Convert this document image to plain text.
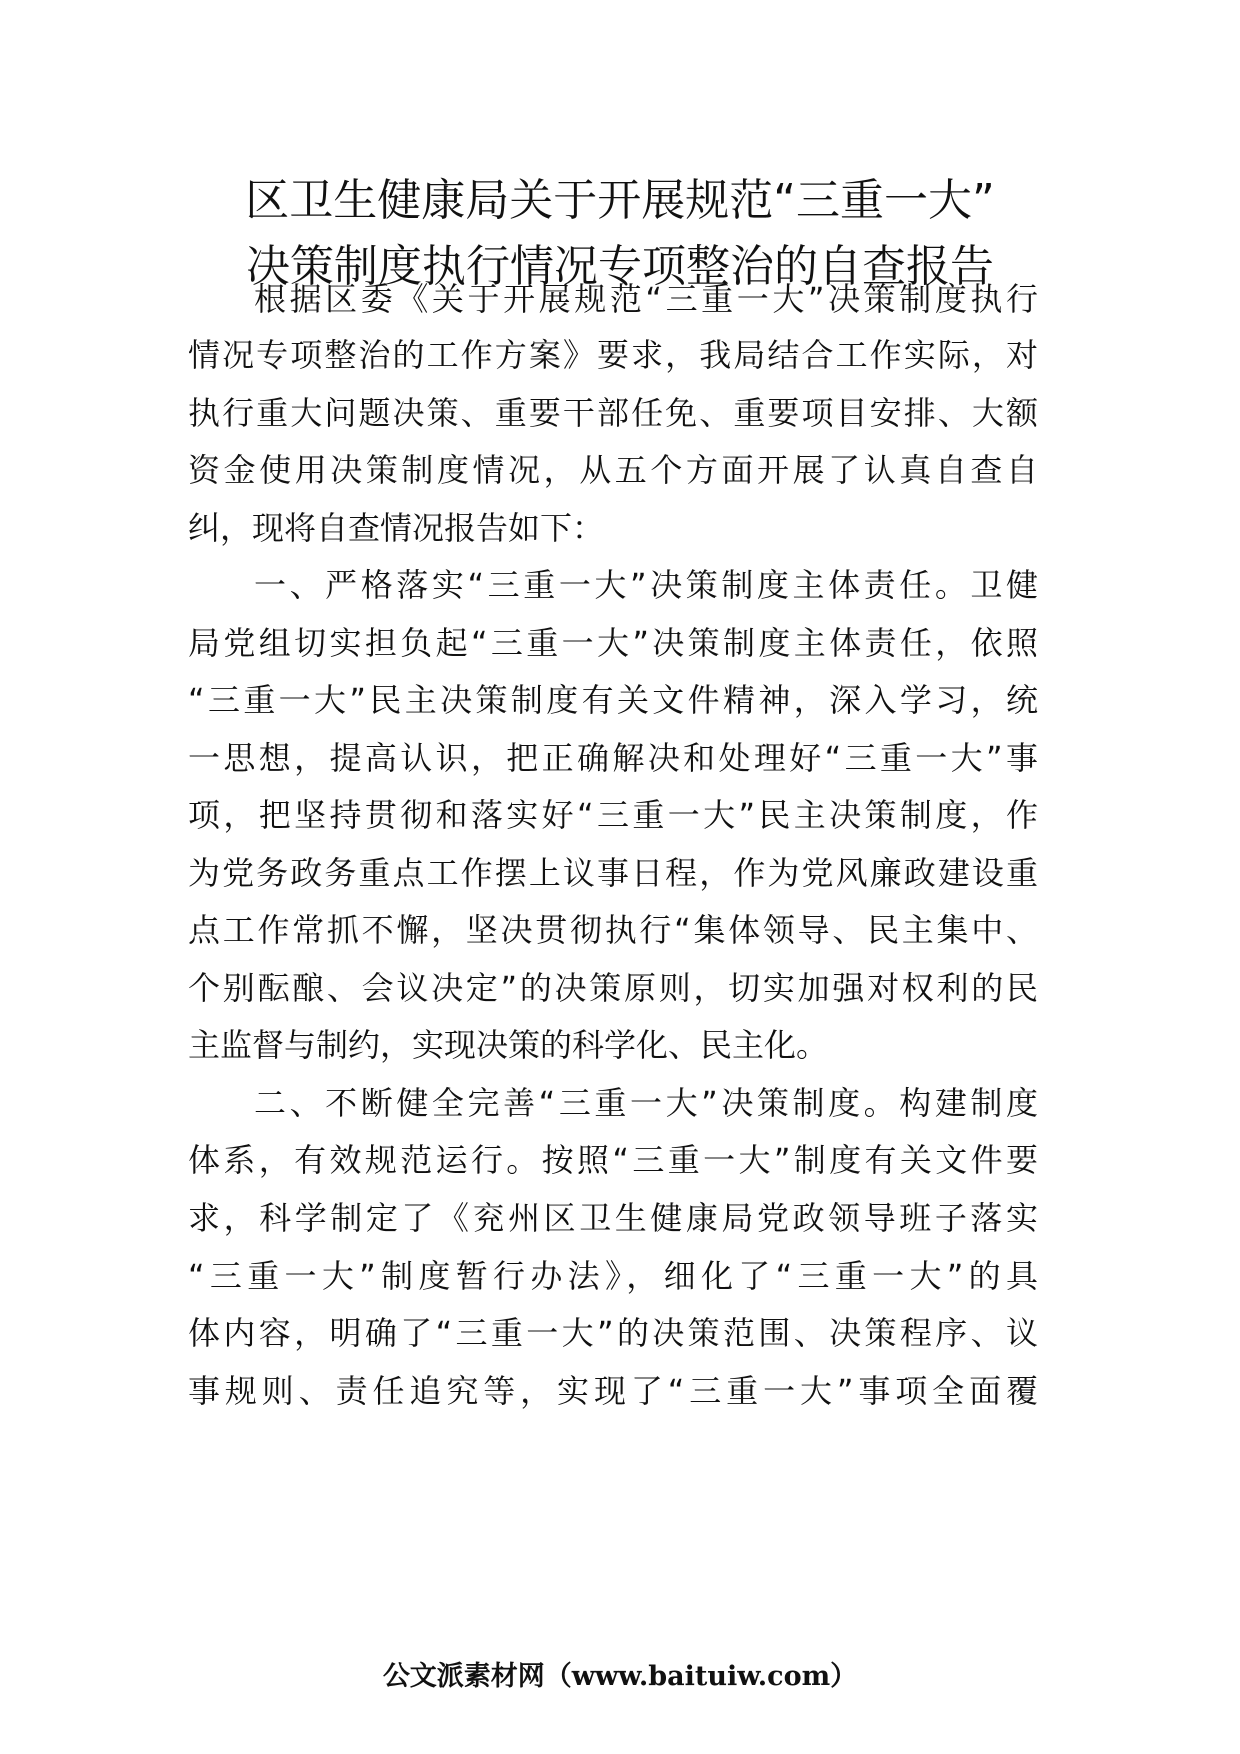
区卫生健康局关于开展规范“三重一大”
决策制度执行情况专项整治的自查报告
根据区委《关于开展规范“三重一大”决策制度执行
情况专项整治的工作方案》要求，我局结合工作实际，对
执行重大问题决策、重要干部任免、重要项目安排、大额
资金使用决策制度情况，从五个方面开展了认真自查自
纠，现将自查情况报告如下：
一、严格落实“三重一大”决策制度主体责任。卫健
局党组切实担负起“三重一大”决策制度主体责任，依照
“三重一大”民主决策制度有关文件精神，深入学习，统
一思想，提高认识，把正确解决和处理好“三重一大”事
项，把坚持贯彻和落实好“三重一大”民主决策制度，作
为党务政务重点工作摆上议事日程，作为党风廉政建设重
点工作常抓不懈，坚决贯彻执行“集体领导、民主集中、
个别酝酿、会议决定”的决策原则，切实加强对权利的民
主监督与制约，实现决策的科学化、民主化。
二、不断健全完善“三重一大”决策制度。构建制度
体系，有效规范运行。按照“三重一大”制度有关文件要
求，科学制定了《兖州区卫生健康局党政领导班子落实
“三重一大”制度暂行办法》，细化了“三重一大”的具
体内容，明确了“三重一大”的决策范围、决策程序、议
事规则、责任追究等，实现了“三重一大”事项全面覆
公文派素材网（www.baituiw.com）
